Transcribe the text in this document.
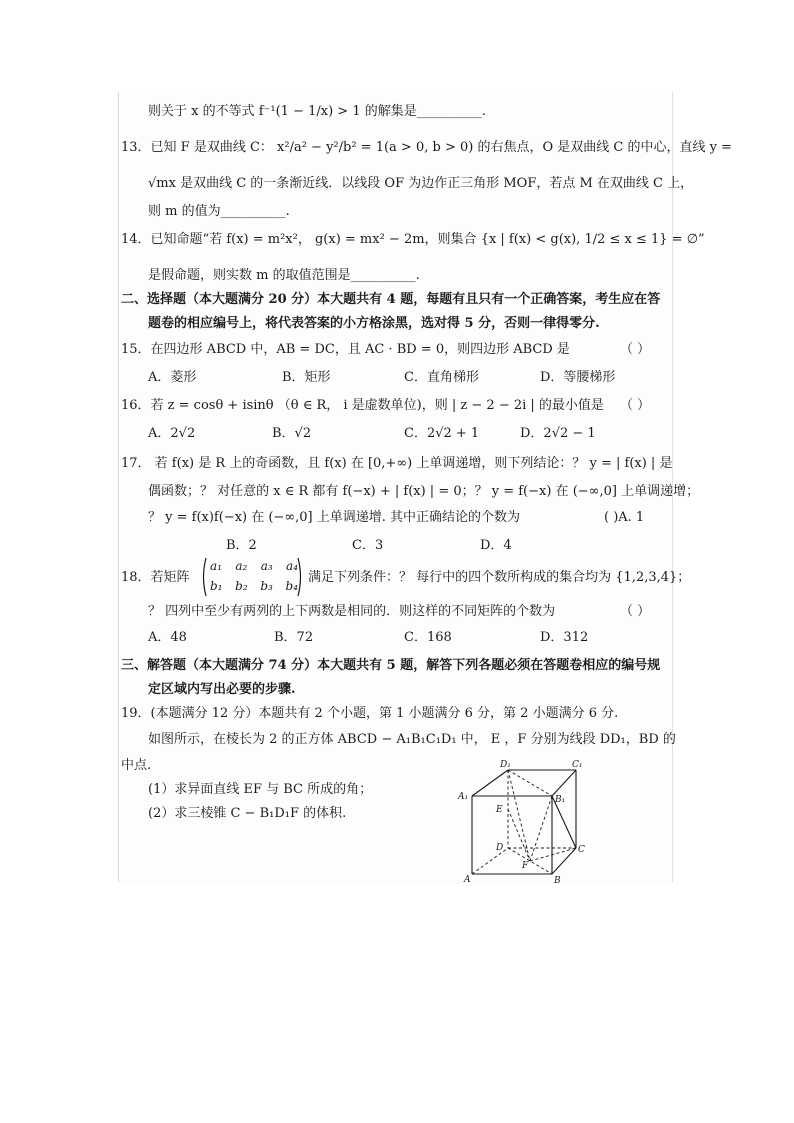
则关于 x 的不等式 f⁻¹(1 − 1/x) > 1 的解集是__________.
13．已知 F 是双曲线 C： x²/a² − y²/b² = 1(a > 0, b > 0) 的右焦点，O 是双曲线 C 的中心，直线 y =
√mx 是双曲线 C 的一条渐近线．以线段 OF 为边作正三角形 MOF，若点 M 在双曲线 C 上，
则 m 的值为__________.
14．已知命题“若 f(x) = m²x²， g(x) = mx² − 2m，则集合 {x | f(x) < g(x), 1/2 ≤ x ≤ 1} = ∅”
是假命题，则实数 m 的取值范围是__________.
二、选择题（本大题满分 20 分）本大题共有 4 题，每题有且只有一个正确答案，考生应在答
题卷的相应编号上，将代表答案的小方格涂黑，选对得 5 分，否则一律得零分.
15．在四边形 ABCD 中，AB = DC，且 AC · BD = 0，则四边形 ABCD 是	（ ）
A．菱形	B．矩形	C．直角梯形	D．等腰梯形
16．若 z = cosθ + isinθ （θ ∈ R， i 是虚数单位)，则 | z − 2 − 2i | 的最小值是 （ ）
A．2√2	B．√2	C．2√2 + 1	D．2√2 − 1
17． 若 f(x) 是 R 上的奇函数，且 f(x) 在 [0,+∞) 上单调递增，则下列结论：？ y = | f(x) | 是
偶函数；？ 对任意的 x ∈ R 都有 f(−x) + | f(x) | = 0；？ y = f(−x) 在 (−∞,0] 上单调递增；
？ y = f(x)f(−x) 在 (−∞,0] 上单调递增. 其中正确结论的个数为	( )A. 1
B．2	C．3	D．4
18．若矩阵
a₁ a₂ a₃ a₄
b₁ b₂ b₃ b₄
满足下列条件：？ 每行中的四个数所构成的集合均为 {1,2,3,4}；
？ 四列中至少有两列的上下两数是相同的．则这样的不同矩阵的个数为	（ ）
A．48	B．72	C．168	D．312
三、解答题（本大题满分 74 分）本大题共有 5 题，解答下列各题必须在答题卷相应的编号规
定区域内写出必要的步骤.
19．(本题满分 12 分）本题共有 2 个小题，第 1 小题满分 6 分，第 2 小题满分 6 分.
如图所示，在棱长为 2 的正方体 ABCD − A₁B₁C₁D₁ 中， E ，F 分别为线段 DD₁，BD 的
中点.
(1）求异面直线 EF 与 BC 所成的角；
(2）求三棱锥 C − B₁D₁F 的体积.
D₁	C₁
A₁	B₁
E
D	C
F
A	B
